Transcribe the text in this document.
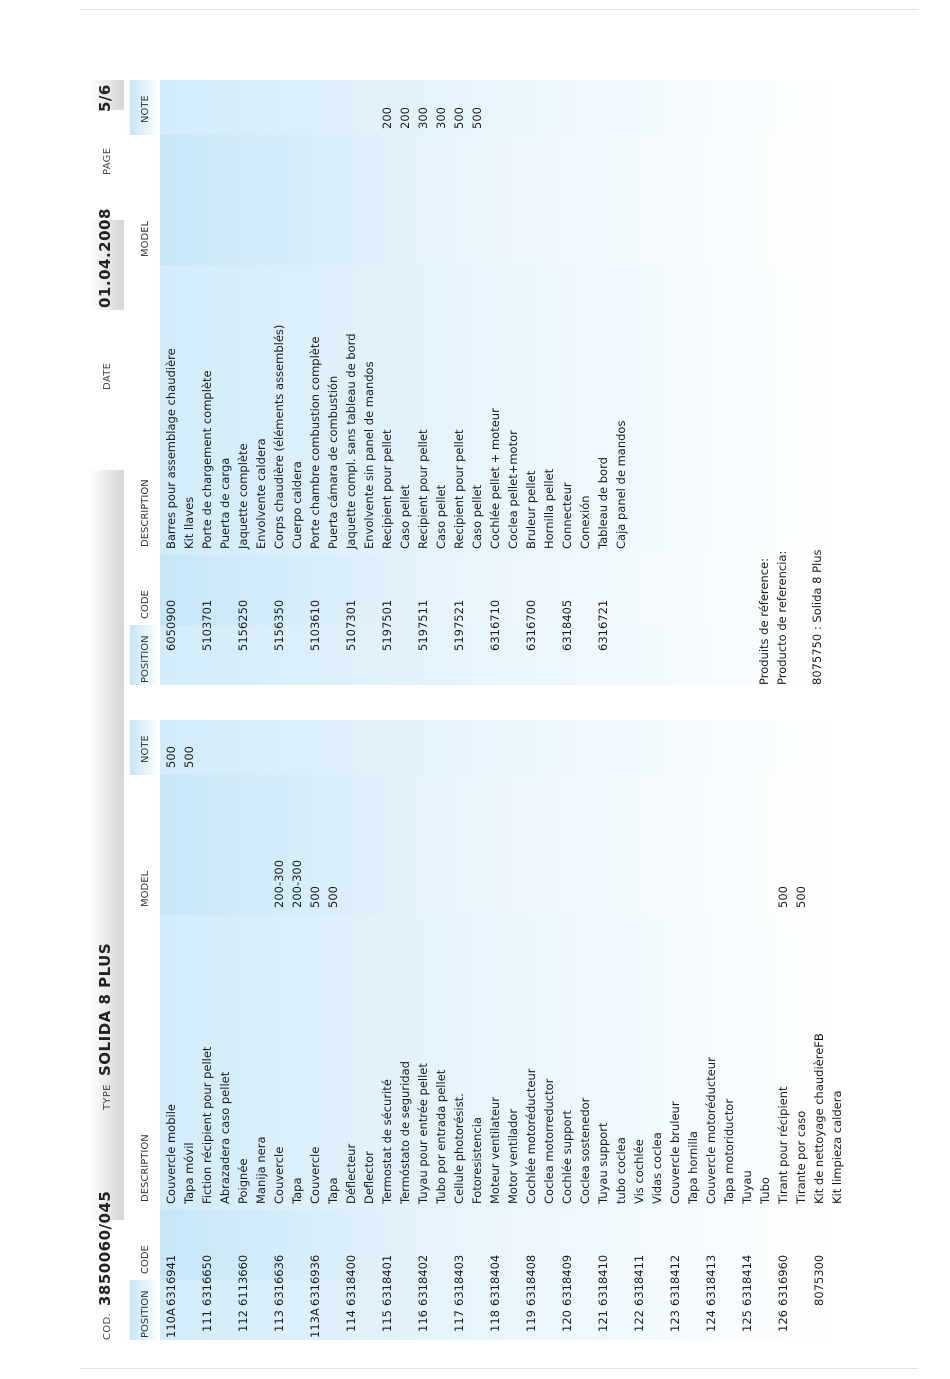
COD.
3850060/045
TYPE
SOLIDA 8 PLUS
DATE
01.04.2008
PAGE
5/6
POSITION
CODE
DESCRIPTION
MODEL
NOTE
110A
6316941
Couvercle mobile
500
Tapa móvil
500
111
6316650
Fiction récipient pour pellet Abrazadera caso pellet
112
6113660
Poignée Manija nera
113
6316636
Couvercle
200-300
Tapa
200-300
113A
6316936
Couvercle
500
Tapa
500
114
6318400
Déflecteur Deflector
115
6318401
Termostat de sécurité Termóstato de seguridad
116
6318402
Tuyau pour entrée pellet Tubo por entrada pellet
117
6318403
Cellule photorésist. Fotoresistencia
118
6318404
Moteur ventilateur Motor ventilador
119
6318408
Cochlée motoréducteur Coclea motorreductor
120
6318409
Cochlée support Coclea sostenedor
121
6318410
Tuyau support tubo coclea
122
6318411
Vis cochlée Vidas coclea
123
6318412
Couvercle bruleur Tapa hornilla
124
6318413
Couvercle motoréducteur Tapa motoriductor
125
6318414
Tuyau Tubo
126
6316960
Tirant pour récipient
500
Tirante por caso
500
8075300
Kit de nettoyage chaudièreFB Kit limpieza caldera
POSITION
CODE
DESCRIPTION
MODEL
NOTE
6050900
Barres pour assemblage chaudière Kit llaves
5103701
Porte de chargement complète Puerta de carga
5156250
Jaquette complète Envolvente caldera
5156350
Corps chaudière (éléments assemblés) Cuerpo caldera
5103610
Porte chambre combustion complète Puerta cámara de combustión
5107301
Jaquette compl. sans tableau de bord Envolvente sin panel de mandos
5197501
Recipient pour pellet
200
Caso pellet
200
5197511
Recipient pour pellet
300
Caso pellet
300
5197521
Recipient pour pellet
500
Caso pellet
500
6316710
Cochlée pellet + moteur Coclea pellet+motor
6316700
Bruleur pellet Hornilla pellet
6318405
Connecteur Conexión
6316721
Tableau de bord Caja panel de mandos
Produits de réference: Producto de referencia: 8075750 : Solida 8 Plus
